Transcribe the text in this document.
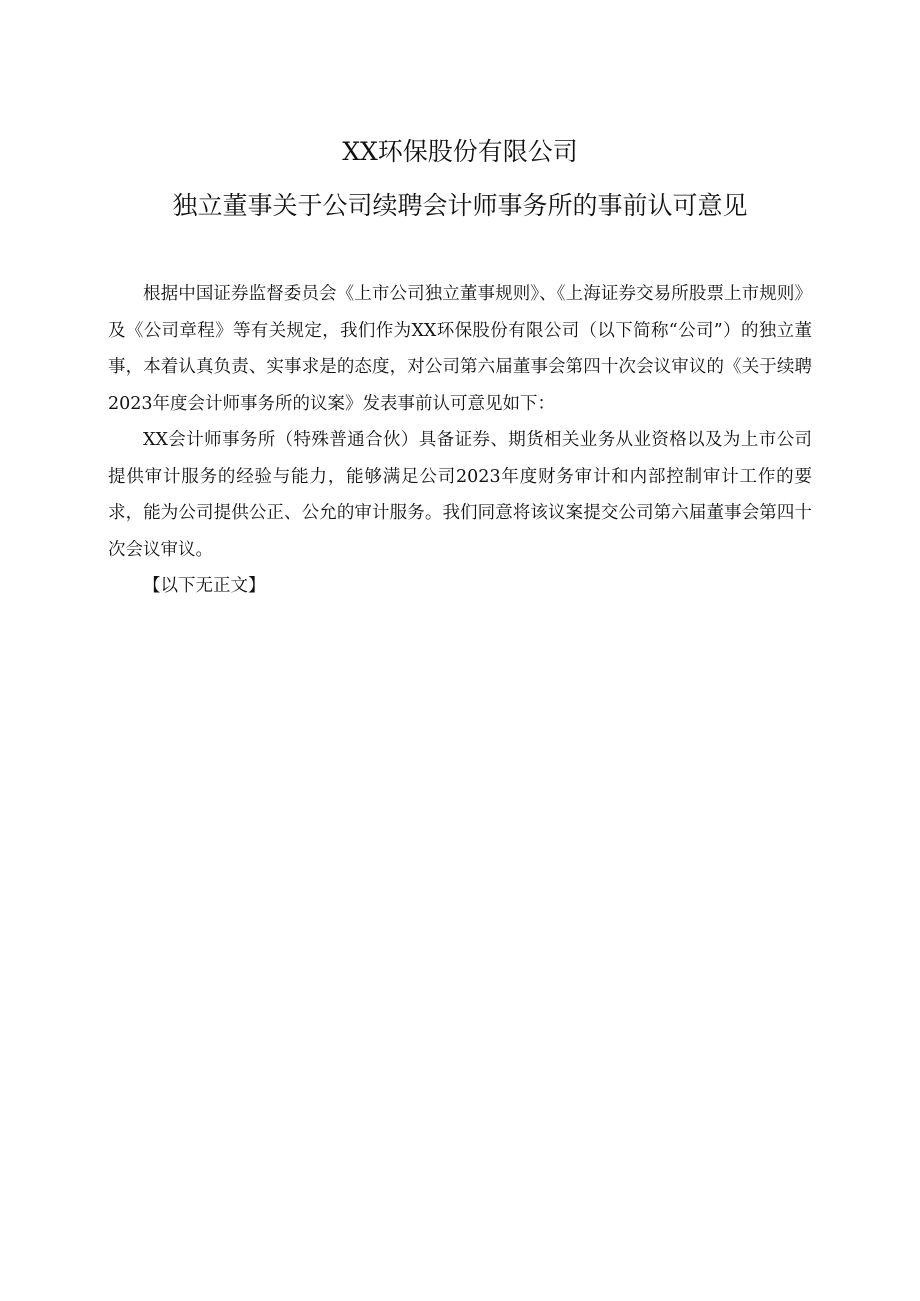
XX环保股份有限公司
独立董事关于公司续聘会计师事务所的事前认可意见

根据中国证券监督委员会《上市公司独立董事规则》、《上海证券交易所股票上市规则》及《公司章程》等有关规定，我们作为XX环保股份有限公司（以下简称“公司”）的独立董事，本着认真负责、实事求是的态度，对公司第六届董事会第四十次会议审议的《关于续聘2023年度会计师事务所的议案》发表事前认可意见如下：

XX会计师事务所（特殊普通合伙）具备证券、期货相关业务从业资格以及为上市公司提供审计服务的经验与能力，能够满足公司2023年度财务审计和内部控制审计工作的要求，能为公司提供公正、公允的审计服务。我们同意将该议案提交公司第六届董事会第四十次会议审议。

【以下无正文】
